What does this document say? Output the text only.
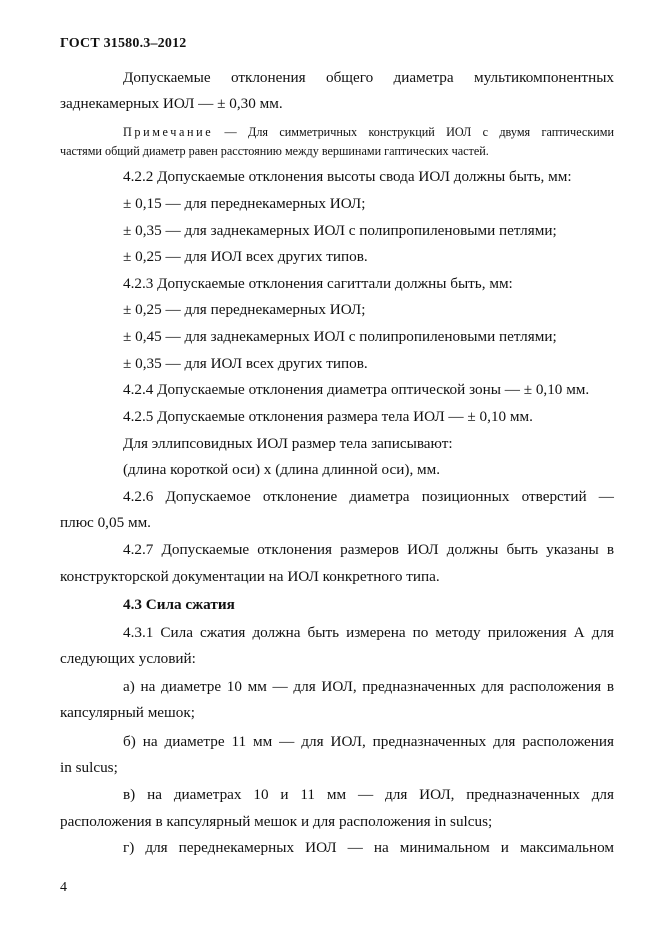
ГОСТ 31580.3–2012
Допускаемые отклонения общего диаметра мультикомпонентных
заднекамерных ИОЛ — ± 0,30 мм.
Примечание — Для симметричных конструкций ИОЛ с двумя гаптическими
частями общий диаметр равен расстоянию между вершинами гаптических частей.
4.2.2 Допускаемые отклонения высоты свода ИОЛ должны быть, мм:
± 0,15 — для переднекамерных ИОЛ;
± 0,35 — для заднекамерных ИОЛ с полипропиленовыми петлями;
± 0,25 — для ИОЛ всех других типов.
4.2.3 Допускаемые отклонения сагиттали должны быть, мм:
± 0,25 — для переднекамерных ИОЛ;
± 0,45 — для заднекамерных ИОЛ с полипропиленовыми петлями;
± 0,35 — для ИОЛ всех других типов.
4.2.4 Допускаемые отклонения диаметра оптической зоны — ± 0,10 мм.
4.2.5 Допускаемые отклонения размера тела ИОЛ — ± 0,10 мм.
Для эллипсовидных ИОЛ размер тела записывают:
(длина короткой оси) х (длина длинной оси), мм.
4.2.6 Допускаемое отклонение диаметра позиционных отверстий —
плюс 0,05 мм.
4.2.7 Допускаемые отклонения размеров ИОЛ должны быть указаны в
конструкторской документации на ИОЛ конкретного типа.
4.3 Сила сжатия
4.3.1 Сила сжатия должна быть измерена по методу приложения А для
следующих условий:
а) на диаметре 10 мм — для ИОЛ, предназначенных для расположения в
капсулярный мешок;
б) на диаметре 11 мм — для ИОЛ, предназначенных для расположения
in sulcus;
в) на диаметрах 10 и 11 мм — для ИОЛ, предназначенных для
расположения в капсулярный мешок и для расположения in sulcus;
г) для переднекамерных ИОЛ — на минимальном и максимальном
4
